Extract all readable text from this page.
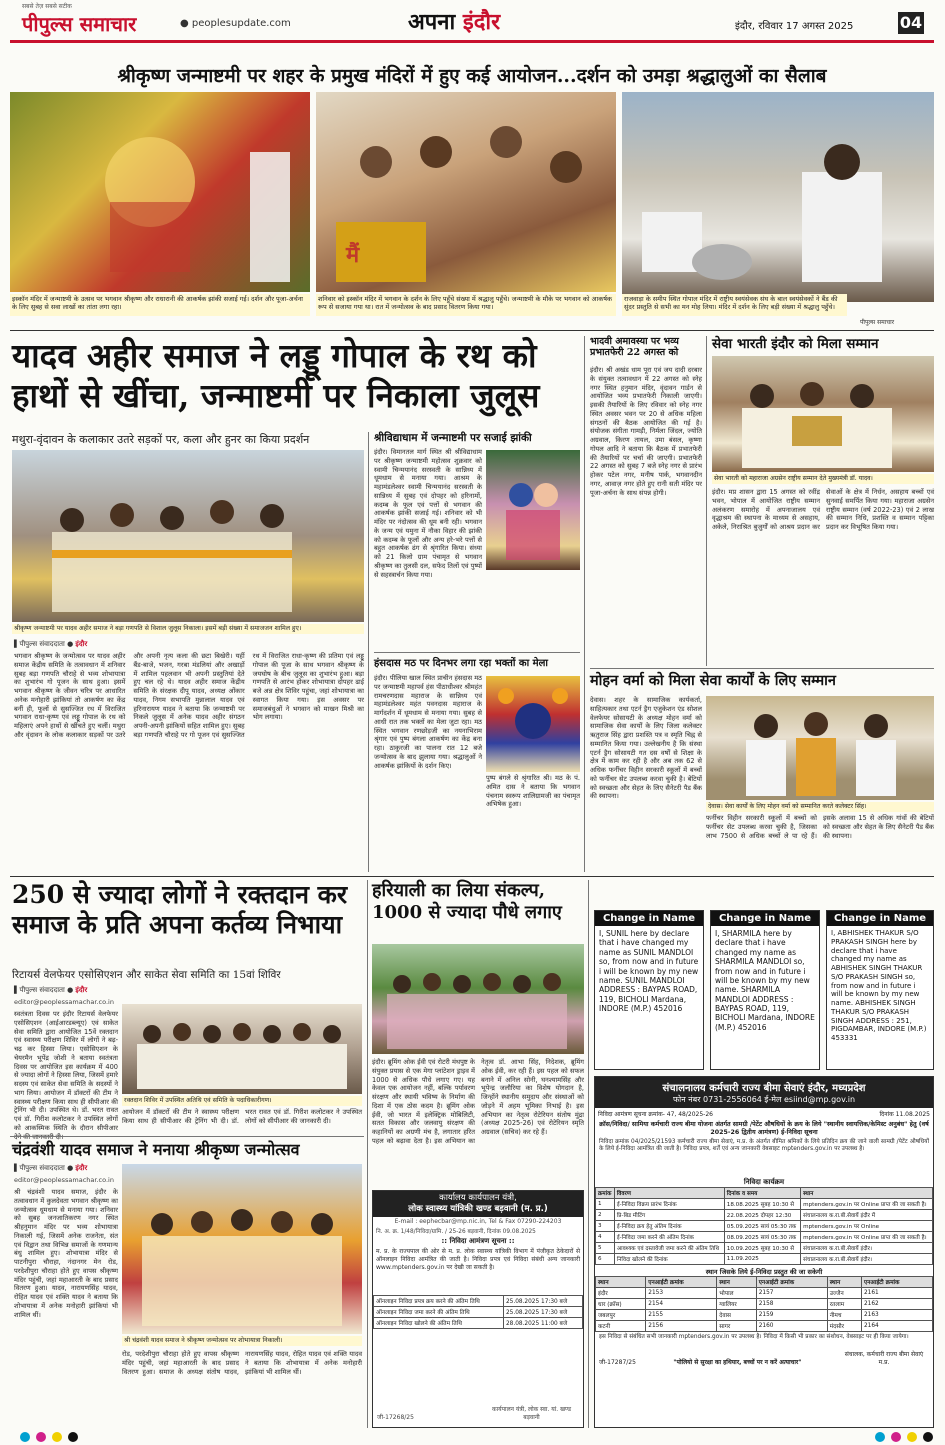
सबसे तेज़ सबसे सटीक
पीपुल्स समाचार	● peoplesupdate.com	अपना इंदौर	इंदौर, रविवार 17 अगस्त 2025	04
श्रीकृष्ण जन्माष्टमी पर शहर के प्रमुख मंदिरों में हुए कई आयोजन...दर्शन को उमड़ा श्रद्धालुओं का सैलाब
इस्कॉन मंदिर में जन्माष्टमी के उत्सव पर भगवान श्रीकृष्ण और राधारानी की आकर्षक झांकी सजाई गई। दर्शन और पूजा-अर्चना के लिए सुबह से सवा लाखों का तांता लगा रहा।
मैं
शनिवार को इस्कॉन मंदिर में भगवान के दर्शन के लिए पहुँचे संख्या में श्रद्धालु पहुँचे। जन्माष्टमी के मौके पर भगवान को आकर्षक रूप से सजाया गया था। रात में जन्मोत्सव के बाद प्रसाद वितरण किया गया।
राजवाड़ा के समीप स्थित गोपाल मंदिर में राष्ट्रीय स्वयंसेवक संघ के बाल स्वयंसेवकों ने बैंड की सुंदर प्रस्तुति से सभी का मन मोह लिया। मंदिर में दर्शन के लिए बड़ी संख्या में श्रद्धालु पहुँचे।
पीपुल्स समाचार
यादव अहीर समाज ने लड्डू गोपाल के रथ को हाथों से खींचा, जन्माष्टमी पर निकाला जुलूस
मथुरा-वृंदावन के कलाकार उतरे सड़कों पर, कला और हुनर का किया प्रदर्शन
श्रीकृष्ण जन्माष्टमी पर यादव अहीर समाज ने बड़ा गणपति से विशाल जुलूस निकाला। इसमें बड़ी संख्या में समाजजन शामिल हुए।
▌पीपुल्स संवाददाता ● इंदौर
भगवान श्रीकृष्ण के जन्मोत्सव पर यादव अहीर समाज केंद्रीय समिति के तत्वावधान में शनिवार सुबह बड़ा गणपति चौराहे से भव्य शोभायात्रा का शुभारंभ गो पूजन के साथ हुआ। इसमें भगवान श्रीकृष्ण के जीवन चरित्र पर आधारित अनेक मनोहारी झांकियां तो आकर्षण का केंद्र बनीं ही, फूलों से सुसज्जित रथ में विराजित भगवान राधा-कृष्ण एवं लड्डू गोपाल के रथ को महिलाएं अपने हाथों से खींचते हुए चलीं। मथुरा और वृंदावन के लोक कलाकार सड़कों पर उतरे और अपनी नृत्य कला की छटा बिखेरी। यहीं बैंड-बाजे, भजन, गरबा मंडलियां और अखाड़ों में शामिल पहलवान भी अपनी प्रस्तुतियां देते हुए चल रहे थे। यादव अहीर समाज केंद्रीय समिति के संरक्षक दीपू यादव, अध्यक्ष ओंकार यादव, निगम सभापति मुन्नालाल यादव एवं हरिनारायण यादव ने बताया कि जन्माष्टमी पर निकले जुलूस में अनेक यादव अहीर संगठन अपनी-अपनी झांकियों सहित शामिल हुए। सुबह बड़ा गणपति चौराहे पर गो पूजन एवं सुसज्जित रथ में विराजित राधा-कृष्ण की प्रतिमा एवं लड्डू गोपाल की पूजा के साथ भगवान श्रीकृष्ण के जयघोष के बीच जुलूस का शुभारंभ हुआ। बड़ा गणपति से आरंभ होकर शोभायात्रा दोपहर ढाई बजे अन्न क्षेत्र शिविर पहुंचा, जहां शोभायात्रा का स्वागत किया गया। इस अवसर पर समाजबंधुओं ने भगवान को माखन मिश्री का भोग लगाया।
श्रीविद्याधाम में जन्माष्टमी पर सजाई झांकी
इंदौर। विमानतल मार्ग स्थित श्री श्रीविद्याधाम पर श्रीकृष्ण जन्माष्टमी महोत्सव शुक्रवार को स्वामी चिन्मयानंद सरस्वती के सान्निध्य में धूमधाम से मनाया गया। आश्रम के महामंडलेश्वर स्वामी चिन्मयानंद सरस्वती के सान्निध्य में सुबह एवं दोपहर को हरिनामों, कदम्ब के फूल एवं पत्तों से भगवान की आकर्षक झांकी सजाई गई। शनिवार को भी मंदिर पर नंदोत्सव की धूम बनी रही। भगवान के जन्म एवं यमुना में नौका विहार की झांकी को कदम्ब के फूलों और अन्य हरे-भरे पत्तों से बहुत आकर्षक ढंग से श्रृंगारित किया। संध्या को 21 किलो ग्राम पंचामृत से भगवान श्रीकृष्ण का तुलसी दल, सफेद तिलों एवं पुष्पों से सहस्त्रार्चन किया गया।
हंसदास मठ पर दिनभर लगा रहा भक्तों का मेला
इंदौर। पीलिया खाल स्थित प्राचीन हंसदास मठ पर जन्माष्टमी महापर्व हंस पीठाधीश्वर श्रीमहंत रामचरणदास महाराज के सान्निध्य एवं महामंडलेश्वर महंत पवनदास महाराज के मार्गदर्शन में धूमधाम से मनाया गया। सुबह से आधी रात तक भक्तों का मेला जुटा रहा। मठ स्थित भगवान रणछोड़जी का नयनाभिराम श्रृंगार एवं पुष्प बंगला आकर्षण का केंद्र बना रहा। ठाकुरजी का पालना रात 12 बजे जन्मोत्सव के बाद झुलाया गया। श्रद्धालुओं ने आकर्षक झांकियों के दर्शन किए।
पुष्प बंगले से श्रृंगारित श्री। मठ के पं. अमित दास ने बताया कि भगवान पंचनाम स्वरूप शालिग्रामजी का पंचामृत अभिषेक हुआ।
भादवी अमावस्या पर भव्य प्रभातफेरी 22 अगस्त को
इंदौर। श्री अखंड धाम पूरा एवं जय दादी दरबार के संयुक्त तत्वावधान में 22 अगस्त को स्नेह नगर स्थित हनुमान मंदिर, वृंदावन गार्डन से आयोजित भव्य प्रभातफेरी निकाली जाएगी। इसकी तैयारियों के लिए रविवार को स्नेह नगर स्थित अवसर भवन पर 20 से अधिक महिला संगठनों की बैठक आयोजित की गई है। संयोजक संगीता गामड़ी, निर्मला जिंदल, ज्योति अग्रवाल, किरण तायल, उमा बंसल, कृष्णा गोयल आदि ने बताया कि बैठक में प्रभातफेरी की तैयारियों पर चर्चा की जाएगी। प्रभातफेरी 22 अगस्त को सुबह 7 बजे स्नेह नगर से प्रारंभ होकर पटेल नगर, मनीष पार्क, भगवानदीन नगर, आवाज़ नगर होते हुए रानी सती मंदिर पर पूजा-अर्चना के साथ संपन्न होगी।
सेवा भारती इंदौर को मिला सम्मान
सेवा भारती को महाराजा अग्रसेन राष्ट्रीय सम्मान देते मुख्यमंत्री डॉ. यादव।
इंदौर। मप्र शासन द्वारा 15 अगस्त को रवींद्र भवन, भोपाल में आयोजित राष्ट्रीय सम्मान अलंकरण समारोह में अपनाजालय एवं वृद्धाश्रम की स्थापना के माध्यम से असहाय, अकेले, निराश्रित बुजुर्गों को आश्रय प्रदान कर सेवाओं के क्षेत्र में निर्धन, असहाय बच्चों एवं सुनवाई समर्पित किया गया। महाराजा अग्रसेन राष्ट्रीय सम्मान (वर्ष 2022-23) एवं 2 लाख की सम्मान निधि, प्रशस्ति व सम्मान पट्टिका प्रदान कर विभूषित किया गया।
मोहन वर्मा को मिला सेवा कार्यों के लिए सम्मान
देवास। शहर के सामाजिक कार्यकर्ता, साहित्यकार तथा एटर्न ड्रैग एजुकेशन एंड सोशल वेलफेयर सोसायटी के अध्यक्ष मोहन वर्मा को सामाजिक सेवा कार्यों के लिए जिला कलेक्टर ऋतुराज सिंह द्वारा प्रशस्ति पत्र व स्मृति चिह्न से सम्मानित किया गया। उल्लेखनीय है कि संस्था एटर्न ड्रैग सोसायटी गत दस वर्षों से शिक्षा के क्षेत्र में काम कर रही है और अब तक 62 से अधिक फर्नीचर विहीन सरकारी स्कूलों में बच्चों को फर्नीचर सेट उपलब्ध करवा चुकी है। बेटियों को स्वच्छता और सेहत के लिए सैनेटरी पैड बैंक की स्थापना।
देवास। सेवा कार्यों के लिए मोहन वर्मा को सम्मानित करते कलेक्टर सिंह।
फर्नीचर विहीन सरकारी स्कूलों में बच्चों को फर्नीचर सेट उपलब्ध करवा चुकी है, जिसका लाभ 7500 से अधिक बच्चों ले पा रहे हैं। इसके अलावा 15 से अधिक गांवों की बेटियों को स्वच्छता और सेहत के लिए सैनेटरी पैड बैंक की स्थापना।
250 से ज्यादा लोगों ने रक्तदान कर समाज के प्रति अपना कर्तव्य निभाया
रिटायर्स वेलफेयर एसोसिएशन और साकेत सेवा समिति का 15वां शिविर
▌पीपुल्स संवाददाता ● इंदौर
editor@peoplessamachar.co.in
स्वतंत्रता दिवस पर इंदौर रिटायर्स वेलफेयर एसोसिएशन (आईआरडब्ल्यूए) एवं साकेत सेवा समिति द्वारा आयोजित 15वें रक्तदान एवं स्वास्थ्य परीक्षण शिविर में लोगों ने बढ़-चढ़ कर हिस्सा लिया। एसोसिएशन के चेयरमैन भूपेंद्र जोशी ने बताया स्वतंत्रता दिवस पर आयोजित इस कार्यक्रम में 400 से ज्यादा लोगों ने हिस्सा लिया, जिसमें हमारे सदस्य एवं साकेत सेवा समिति के सदस्यों ने भाग लिया। आयोजन में डॉक्टरों की टीम ने स्वास्थ्य परीक्षण किया साथ ही सीपीआर की ट्रेनिंग भी दी। उपस्थित थे। डॉ. भरत रावत एवं डॉ. गिरीश कलोटकर ने उपस्थित लोगों को आकस्मिक स्थिति के दौरान सीपीआर
रक्तदान शिविर में उपस्थित अतिथि एवं समिति के पदाधिकारीगण।
आयोजन में डॉक्टरों की टीम ने स्वास्थ्य परीक्षण किया साथ ही सीपीआर की ट्रेनिंग भी दी। डॉ. भरत रावत एवं डॉ. गिरीश कलोटकर ने उपस्थित लोगों को सीपीआर की जानकारी दी।
चंद्रवंशी यादव समाज ने मनाया श्रीकृष्ण जन्मोत्सव
▌पीपुल्स संवाददाता ● इंदौर
editor@peoplessamachar.co.in
श्री चंद्रवंशी यादव समाज, इंदौर के तत्वावधान में कुलदेवता भगवान श्रीकृष्ण का जन्मोत्सव धूमधाम से मनाया गया। शनिवार को सुबह जनजातिकरण नगर स्थित श्रीहनुमान मंदिर पर भव्य शोभायात्रा निकाली गई, जिसमें अनेक राजनेता, संत एवं विद्वान तथा विभिन्न समाजों के गणमान्य बंधु शामिल हुए। शोभायात्रा मंदिर से पाटनीपुरा चौराहा, नंदानगर मेन रोड, परदेशीपुरा चौराहा होते हुए वापस श्रीकृष्ण मंदिर पहुंची, जहां महाआरती के बाद प्रसाद वितरण हुआ। यादव, नारायणसिंह यादव, रोहित यादव एवं शक्ति यादव ने बताया कि शोभायात्रा में अनेक मनोहारी झांकियां भी शामिल थीं।
श्री चंद्रवंशी यादव समाज ने श्रीकृष्ण जन्मोत्सव पर शोभायात्रा निकाली।
रोड, परदेशीपुरा चौराहा होते हुए वापस श्रीकृष्ण मंदिर पहुंची, जहां महाआरती के बाद प्रसाद वितरण हुआ। समाज के अध्यक्ष संतोष यादव, नारायणसिंह यादव, रोहित यादव एवं शक्ति यादव ने बताया कि शोभायात्रा में अनेक मनोहारी झांकियां भी शामिल थीं।
हरियाली का लिया संकल्प, 1000 से ज्यादा पौधे लगाए
इंदौर। ब्रूमिंग ओक ईवी एवं रोटरी मंथपुष्ट के संयुक्त प्रयास से एक मेगा प्लांटेशन ड्राइव में 1000 से अधिक पौधे लगाए गए। यह केवल एक आयोजन नहीं, बल्कि पर्यावरण संरक्षण और स्थायी भविष्य के निर्माण की दिशा में एक ठोस कदम है। ब्रूमिंग ओक ईवी, जो भारत में इलेक्ट्रिक मोबिलिटी, सतत विकास और जलवायु संरक्षण की कहानियों का अग्रणी मंच है, लगातार हरित पहल को बढ़ावा देता है। इस अभियान का नेतृत्व डॉ. आभा सिंह, निदेशक, ब्रूमिंग ओक ईवी, कर रही हैं। इस पहल को सफल बनाने में अनिल सोनी, घनश्यामसिंह और भूपेन्द्र जलौरिया का विशेष योगदान है, जिन्होंने स्थानीय समुदाय और संस्थाओं को जोड़ने में अहम भूमिका निभाई है। इस अभियान का नेतृत्व रोटेरियन संतोष मुंद्रा (अध्यक्ष 2025-26) एवं रोटेरियन स्मृति अग्रवाल (सचिव) कर रहे हैं।
कार्यालय कार्यपालन यंत्री,
लोक स्वास्थ्य यांत्रिकी खण्ड बड़वानी (म. प्र.)
E-mail : eephecbar@mp.nic.in, Tel & Fax 07290-224203
नि. अ. क्र. 1/48/निविदा/ग्रामि. / 25-26 बड़वानी, दिनांक 09.08.2025
:: निविदा आमंत्रण सूचना ::
म. प्र. के राज्यपाल की ओर से म. प्र. लोक स्वास्थ्य यांत्रिकी विभाग में पंजीकृत ठेकेदारों से ऑनलाइन निविदा आमंत्रित की जाती है। निविदा प्रपत्र एवं निविदा संबंधी अन्य जानकारी www.mptenders.gov.in पर देखी जा सकती है।
ऑनलाइन निविदा प्रपत्र क्रय करने की अंतिम तिथि	25.08.2025 17:30 बजे
ऑनलाइन निविदा जमा करने की अंतिम तिथि	25.08.2025 17:30 बजे
ऑनलाइन निविदा खोलने की अंतिम तिथि	28.08.2025 11:00 बजे
जी-17268/25
कार्यपालन यंत्री, लोक स्वा. यां. खण्ड बड़वानी
Change in Name
I, SUNIL here by declare that i have changed my name as SUNIL MANDLOI so, from now and in future i will be known by my new name. SUNIL MANDLOI ADDRESS : BAYPAS ROAD, 119, BICHOLI Mardana, INDORE (M.P.) 452016
Change in Name
I, SHARMILA here by declare that i have changed my name as SHARMILA MANDLOI so, from now and in future i will be known by my new name. SHARMILA MANDLOI ADDRESS : BAYPAS ROAD, 119, BICHOLI Mardana, INDORE (M.P.) 452016
Change in Name
I, ABHISHEK THAKUR S/O PRAKASH SINGH here by declare that i have changed my name as ABHISHEK SINGH THAKUR S/O PRAKASH SINGH so, from now and in future i will be known by my new name. ABHISHEK SINGH THAKUR S/O PRAKASH SINGH ADDRESS : 251, PIGDAMBAR, INDORE (M.P.) 453331
संचालनालय कर्मचारी राज्य बीमा सेवाएं इंदौर, मध्यप्रदेश
फोन नंबर 0731-2556064 ई-मेल esiind@mp.gov.in
निविदा आमंत्रण सूचना क्रमांक- 47, 48/2025-26	दिनांक 11.08.2025
क्रॉस/निविदा/ सामिया कर्मचारी राज्य बीमा योजना अंतर्गत सामग्री /पेटेंट औषधियों के क्रय के लिये "स्थानीय स्वायत्तिक/केमिस्ट अनुबंध" हेतु (वर्ष 2025-26 द्वितीय आमंत्रण) ई-निविदा सूचना
निविदा क्रमांक 04/2025/21593 कर्मचारी राज्य बीमा सेवाएं, म.प्र. के अंतर्गत बीमित श्रमिकों के लिये प्रतिदिन क्रय की जाने वाली सामग्री /पेटेंट औषधियों के लिये ई-निविदा आमंत्रित की जाती है। निविदा प्रपत्र, शर्तें एवं अन्य जानकारी वेबसाइट mptenders.gov.in पर उपलब्ध है।
निविदा कार्यक्रम
क्रमांक	विवरण	दिनांक व समय	स्थान
1	ई-निविदा विक्रय प्रारंभ दिनांक	18.08.2025 सुबह 10:30 से	mptenders.gov.in पर Online प्राप्त की जा सकती है।
2	प्रि-बिड मीटिंग	22.08.2025 दोपहर 12:30	संचालनालय क.रा.बी.सेवायें इंदौर में
3	ई-निविदा क्रय हेतु अंतिम दिनांक	05.09.2025 सायं 05:30 तक	mptenders.gov.in पर Online
4	ई-निविदा जमा करने की अंतिम दिनांक	08.09.2025 सायं 05:30 तक	mptenders.gov.in पर Online प्राप्त की जा सकती है।
5	आवश्यक एवं दस्तावेजी जमा करने की अंतिम तिथि	10.09.2025 सुबह 10:30 से	संचालनालय क.रा.बी.सेवायें इंदौर।
6	निविदा खोलने की दिनांक	11.09.2025	संचालनालय क.रा.बी.सेवायें इंदौर।
स्थान जिसके लिये ई-निविदा प्रस्तुत की जा सकेगी
स्थान	एनआईटी क्रमांक	स्थान	एनआईटी क्रमांक	स्थान	एनआईटी क्रमांक
इंदौर	2153	भोपाल	2157	उज्जैन	2161
धार (क्रॉस)	2154	ग्वालियर	2158	रतलाम	2162
जबलपुर	2155	देवास	2159	नीमच	2163
कटनी	2156	सागर	2160	मंदसौर	2164
इस निविदा से संबंधित सभी जानकारी mptenders.gov.in पर उपलब्ध है। निविदा में किसी भी प्रकार का संशोधन, वेबसाइट पर ही किया जायेगा।
जी-17287/25	"पोलियो से सुरक्षा का हथियार, बच्चों पर न करें अत्याचार"
संचालक, कर्मचारी राज्य बीमा सेवाएं म.प्र.
